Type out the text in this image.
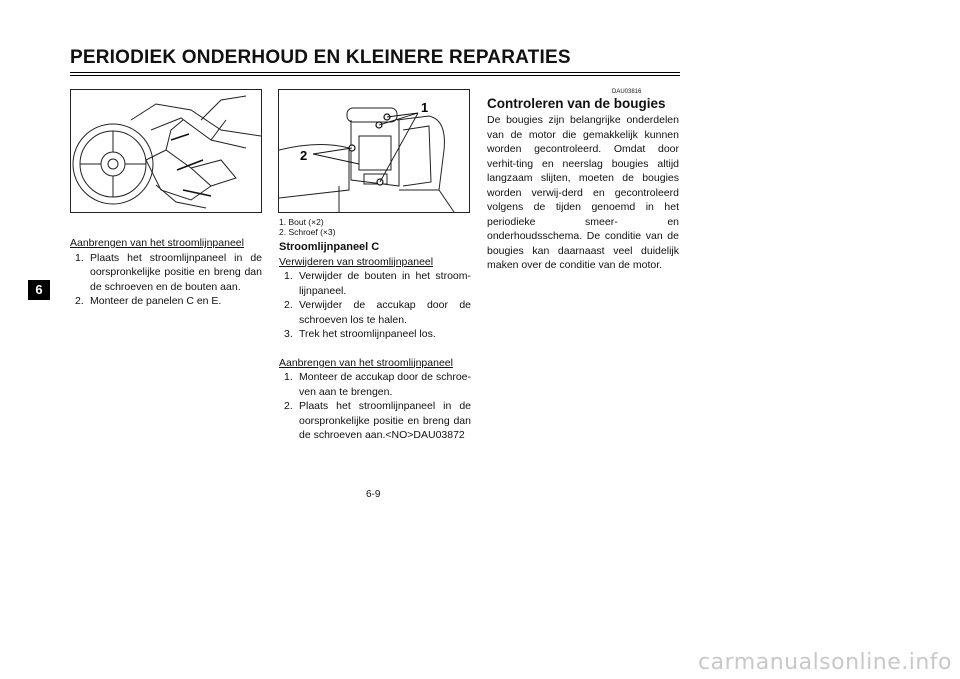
PERIODIEK ONDERHOUD EN KLEINERE REPARATIES
6
Aanbrengen van het stroomlijnpaneel
1. Plaats het stroomlijnpaneel in de oorspronkelijke positie en breng dan de schroeven en de bouten aan.
2. Monteer de panelen C en E.
1
2
1. Bout (×2)
2. Schroef (×3)
Stroomlijnpaneel C
Verwijderen van stroomlijnpaneel
1. Verwijder de bouten in het stroom-lijnpaneel.
2. Verwijder de accukap door de schroeven los te halen.
3. Trek het stroomlijnpaneel los.
Aanbrengen van het stroomlijnpaneel
1. Monteer de accukap door de schroe-ven aan te brengen.
2. Plaats het stroomlijnpaneel in de oorspronkelijke positie en breng dan de schroeven aan.<NO>DAU03872
DAU03816
Controleren van de bougies
De bougies zijn belangrijke onderdelen van de motor die gemakkelijk kunnen worden gecontroleerd. Omdat door verhit-ting en neerslag bougies altijd langzaam slijten, moeten de bougies worden verwij-derd en gecontroleerd volgens de tijden genoemd in het periodieke smeer- en onderhoudsschema. De conditie van de bougies kan daarnaast veel duidelijk maken over de conditie van de motor.
6-9
carmanualsonline.info
